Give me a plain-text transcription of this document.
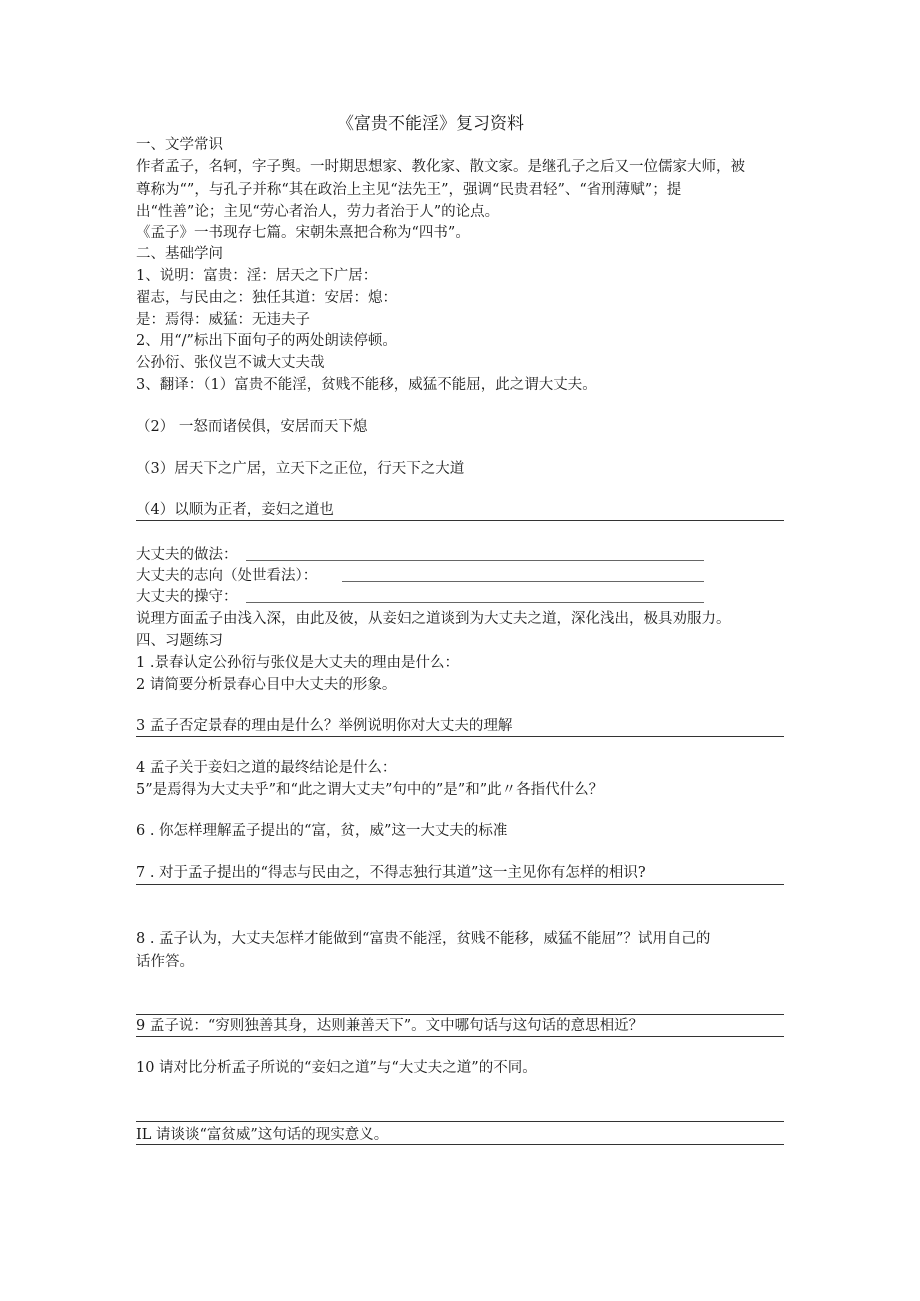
《富贵不能淫》复习资料
一、文学常识
作者孟子，名轲，字子舆。一时期思想家、教化家、散文家。是继孔子之后又一位儒家大师，被
尊称为“”，与孔子并称“其在政治上主见“法先王”，强调“民贵君轻”、“省刑薄赋”；提
出“性善”论；主见“劳心者治人，劳力者治于人”的论点。
《孟子》一书现存七篇。宋朝朱熹把合称为“四书”。
二、基础学问
1、说明：富贵：淫：居天之下广居：
翟志，与民由之：独任其道：安居：熄：
是：焉得：威猛：无违夫子
2、用“/”标出下面句子的两处朗读停顿。
公孙衍、张仪岂不诚大丈夫哉
3、翻译：（1）富贵不能淫，贫贱不能移，威猛不能屈，此之谓大丈夫。
（2） 一怒而诸侯俱，安居而天下熄
（3）居天下之广居，立天下之正位，行天下之大道
（4）以顺为正者，妾妇之道也
大丈夫的做法：
大丈夫的志向（处世看法）：
大丈夫的操守：
说理方面孟子由浅入深，由此及彼，从妾妇之道谈到为大丈夫之道，深化浅出，极具劝服力。
四、习题练习
1 .景春认定公孙衍与张仪是大丈夫的理由是什么：
2 请简要分析景春心目中大丈夫的形象。
3 孟子否定景春的理由是什么？举例说明你对大丈夫的理解
4 孟子关于妾妇之道的最终结论是什么：
5”是焉得为大丈夫乎”和“此之谓大丈夫”句中的”是”和”此〃各指代什么？
6 . 你怎样理解孟子提出的“富，贫，威”这一大丈夫的标准
7 . 对于孟子提出的“得志与民由之，不得志独行其道”这一主见你有怎样的相识?
8 . 孟子认为，大丈夫怎样才能做到“富贵不能淫，贫贱不能移，威猛不能屈”？试用自己的
话作答。
9 孟子说：“穷则独善其身，达则兼善天下”。文中哪句话与这句话的意思相近？
10 请对比分析孟子所说的“妾妇之道”与“大丈夫之道”的不同。
IL 请谈谈“富贫威”这句话的现实意义。
